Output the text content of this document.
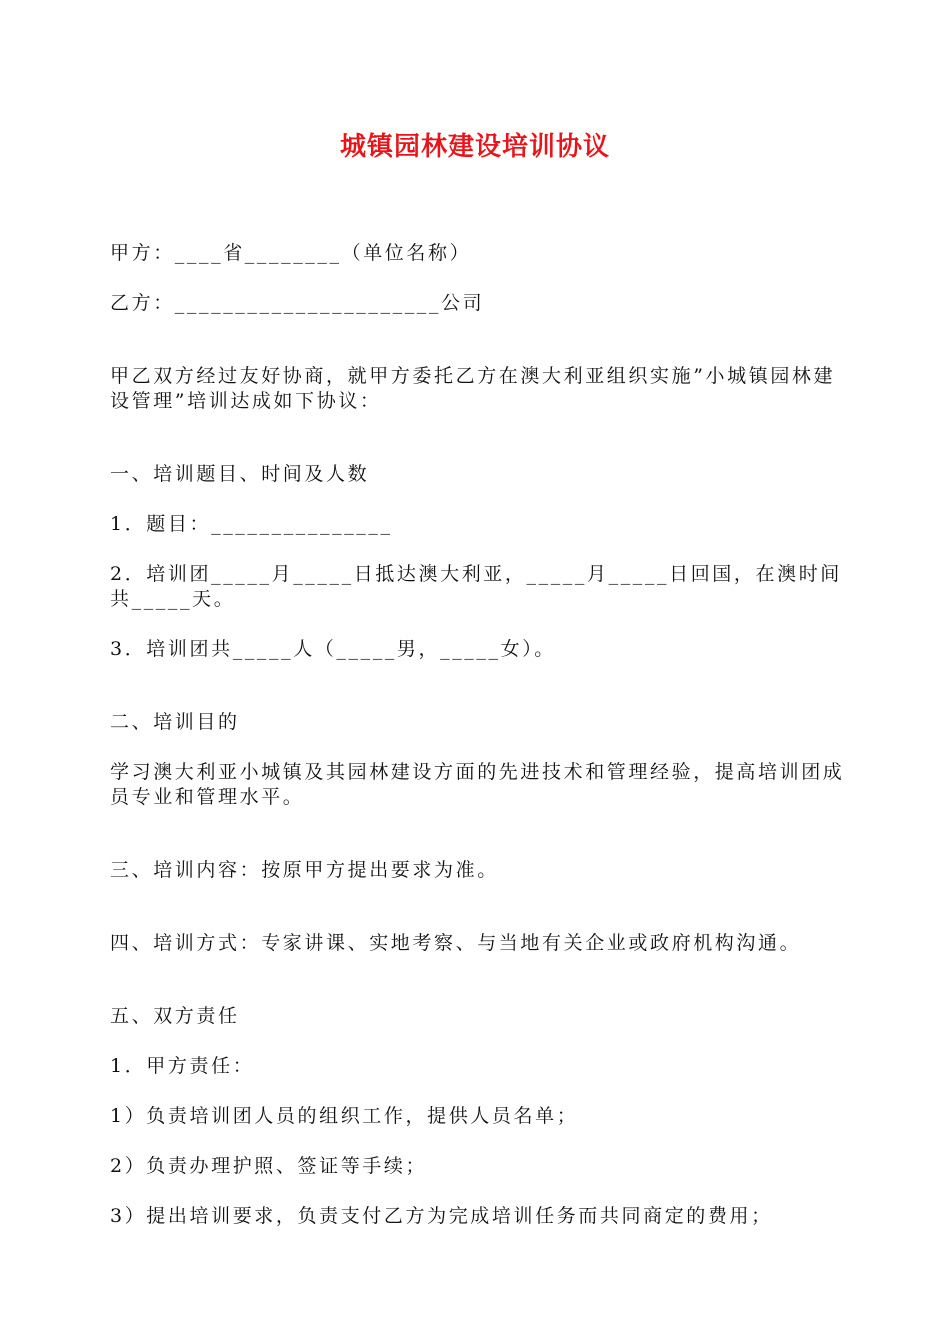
城镇园林建设培训协议

甲方：____省________（单位名称）

乙方：______________________公司

甲乙双方经过友好协商，就甲方委托乙方在澳大利亚组织实施”小城镇园林建设管理”培训达成如下协议：

一、培训题目、时间及人数

1．题目：_______________

2．培训团_____月_____日抵达澳大利亚，_____月_____日回国，在澳时间共_____天。

3．培训团共_____人（_____男，_____女）。

二、培训目的

学习澳大利亚小城镇及其园林建设方面的先进技术和管理经验，提高培训团成员专业和管理水平。

三、培训内容：按原甲方提出要求为准。

四、培训方式：专家讲课、实地考察、与当地有关企业或政府机构沟通。

五、双方责任

1．甲方责任：

1）负责培训团人员的组织工作，提供人员名单；

2）负责办理护照、签证等手续；

3）提出培训要求，负责支付乙方为完成培训任务而共同商定的费用；
